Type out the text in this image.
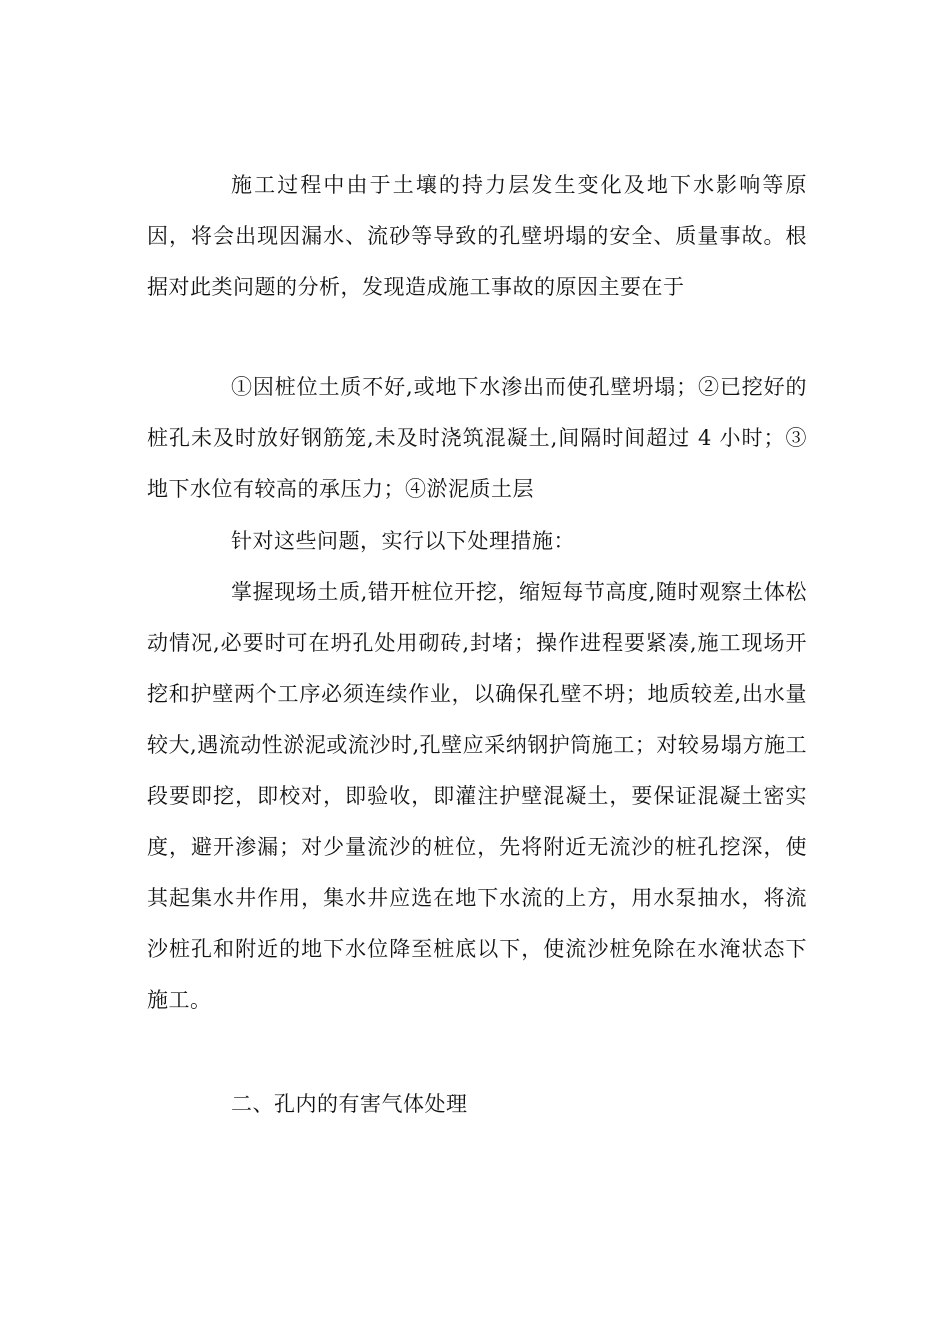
施工过程中由于土壤的持力层发生变化及地下水影响等原因，将会出现因漏水、流砂等导致的孔壁坍塌的安全、质量事故。根据对此类问题的分析，发现造成施工事故的原因主要在于

①因桩位土质不好,或地下水渗出而使孔壁坍塌；②已挖好的桩孔未及时放好钢筋笼,未及时浇筑混凝土,间隔时间超过 4 小时；③地下水位有较高的承压力；④淤泥质土层

针对这些问题，实行以下处理措施：

掌握现场土质,错开桩位开挖，缩短每节高度,随时观察土体松动情况,必要时可在坍孔处用砌砖,封堵；操作进程要紧凑,施工现场开挖和护壁两个工序必须连续作业，以确保孔壁不坍；地质较差,出水量较大,遇流动性淤泥或流沙时,孔壁应采纳钢护筒施工；对较易塌方施工段要即挖，即校对，即验收，即灌注护壁混凝土，要保证混凝土密实度，避开渗漏；对少量流沙的桩位，先将附近无流沙的桩孔挖深，使其起集水井作用，集水井应选在地下水流的上方，用水泵抽水，将流沙桩孔和附近的地下水位降至桩底以下，使流沙桩免除在水淹状态下施工。

二、孔内的有害气体处理
